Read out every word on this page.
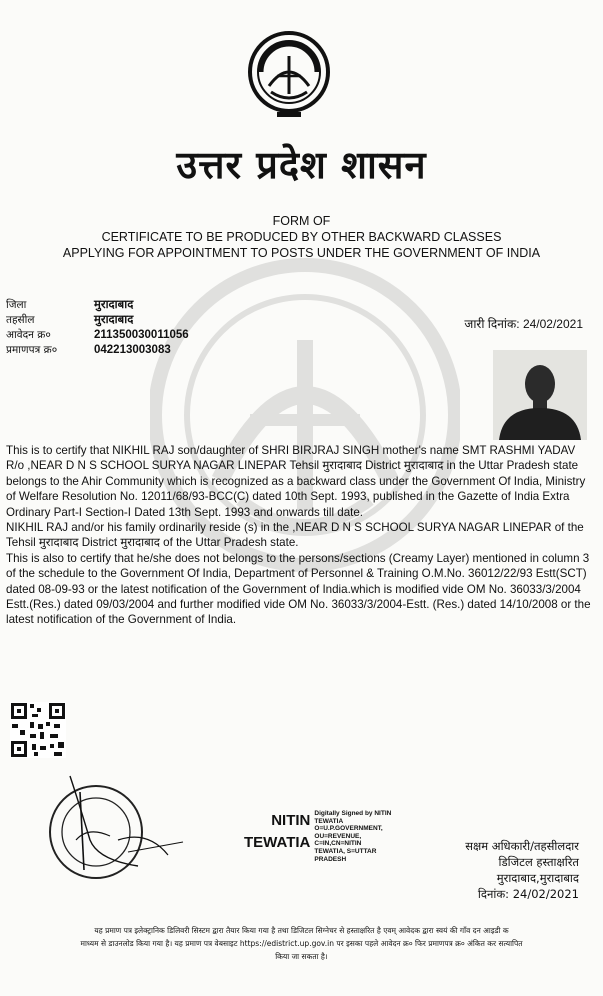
उत्तर प्रदेश शासन
FORM OF
CERTIFICATE TO BE PRODUCED BY OTHER BACKWARD CLASSES
APPLYING FOR APPOINTMENT TO POSTS UNDER THE GOVERNMENT OF INDIA
जिला	मुरादाबाद
तहसील	मुरादाबाद
आवेदन क्र०	211350030011056
प्रमाणपत्र क्र०	042213003083
जारी दिनांक: 24/02/2021

This is to certify that NIKHIL RAJ son/daughter of SHRI BIRJRAJ SINGH mother's name SMT RASHMI YADAV R/o ,NEAR D N S SCHOOL SURYA NAGAR LINEPAR Tehsil मुरादाबाद District मुरादाबाद in the Uttar Pradesh state belongs to the Ahir Community which is recognized as a backward class under the Government Of India, Ministry of Welfare Resolution No. 12011/68/93-BCC(C) dated 10th Sept. 1993, published in the Gazette of India Extra Ordinary Part-I Section-I Dated 13th Sept. 1993 and onwards till date.

NIKHIL RAJ and/or his family ordinarily reside (s) in the ,NEAR D N S SCHOOL SURYA NAGAR LINEPAR of the Tehsil मुरादाबाद District मुरादाबाद of the Uttar Pradesh state.

This is also to certify that he/she does not belongs to the persons/sections (Creamy Layer) mentioned in column 3 of the schedule to the Government Of India, Department of Personnel & Training O.M.No. 36012/22/93 Estt(SCT) dated 08-09-93 or the latest notification of the Government of India.which is modified vide OM No. 36033/3/2004 Estt.(Res.) dated 09/03/2004 and further modified vide OM No. 36033/3/2004-Estt. (Res.) dated 14/10/2008 or the latest notification of the Government of India.

NITIN
TEWATIA
Digitally Signed by NITIN
TEWATIA
O=U.P.GOVERNMENT,
OU=REVENUE,
C=IN,CN=NITIN
TEWATIA, S=UTTAR
PRADESH
सक्षम अधिकारी/तहसीलदार
डिजिटल हस्ताक्षरित
मुरादाबाद,मुरादाबाद
दिनांक: 24/02/2021
यह प्रमाण पत्र इलेक्ट्रानिक डिलिवरी सिस्टम द्वारा तैयार किया गया है तथा डिजिटल सिग्नेचर से हस्ताक्षरित है एवम् आवेदक द्वारा स्वयं की गाँव दन आइडी क
माध्यम से डाउनलोड किया गया है। यह प्रमाण पत्र वेबसाइट https://edistrict.up.gov.in पर इसका पहले आवेदन क्र० फिर प्रमाणपत्र क्र० अंकित कर सत्यापित
किया जा सकता है।
